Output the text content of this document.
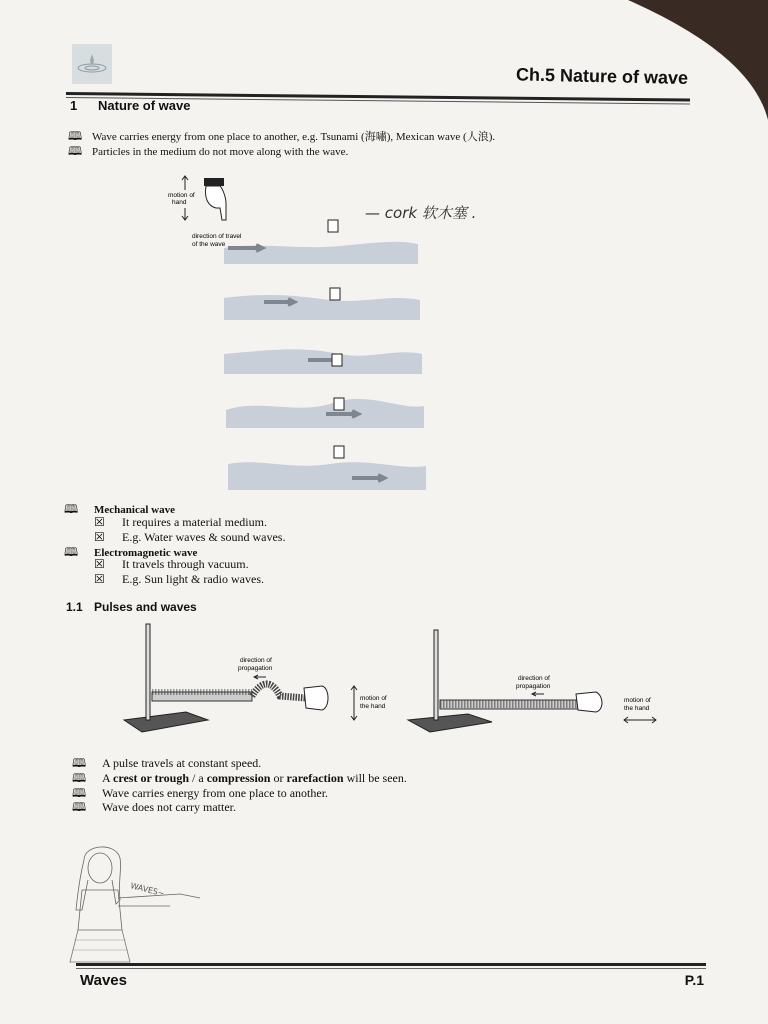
Ch.5 Nature of wave
1 Nature of wave
🕮 Wave carries energy from one place to another, e.g. Tsunami (海嘯), Mexican wave (人浪).
🕮 Particles in the medium do not move along with the wave.
motion of
hand
direction of travel
of the wave
— cork 软木塞 .
🕮 Mechanical wave
☒ It requires a material medium.
☒ E.g. Water waves & sound waves.
🕮 Electromagnetic wave
☒ It travels through vacuum.
☒ E.g. Sun light & radio waves.
1.1 Pulses and waves
direction of
propagation
motion of
the hand
direction of
propagation
motion of
the hand
🕮 A pulse travels at constant speed.
🕮 A crest or trough / a compression or rarefaction will be seen.
🕮 Wave carries energy from one place to another.
🕮 Wave does not carry matter.
WAVES~
Waves	P.1
